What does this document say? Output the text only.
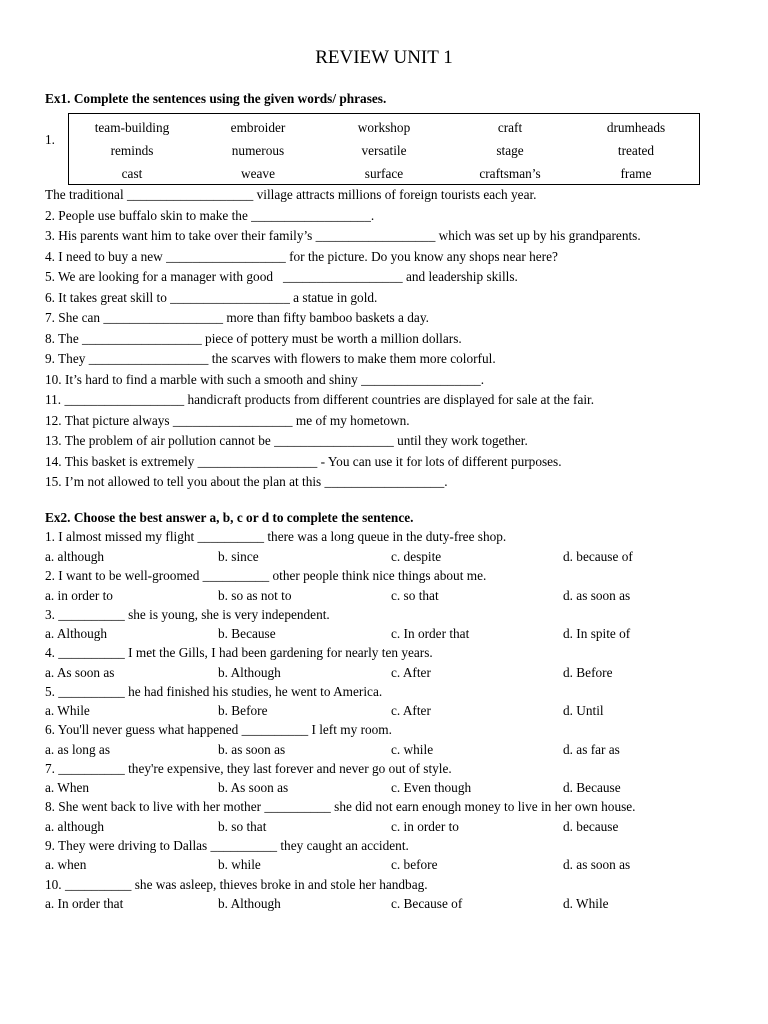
REVIEW UNIT 1
Ex1. Complete the sentences using the given words/ phrases.
1.
team-building	embroider	workshop	craft	drumheads
reminds	numerous	versatile	stage	treated
cast	weave	surface	craftsman’s	frame
The traditional ___________________ village attracts millions of foreign tourists each year.
2. People use buffalo skin to make the __________________.
3. His parents want him to take over their family’s __________________ which was set up by his grandparents.
4. I need to buy a new __________________ for the picture. Do you know any shops near here?
5. We are looking for a manager with good   __________________ and leadership skills.
6. It takes great skill to __________________ a statue in gold.
7. She can __________________ more than fifty bamboo baskets a day.
8. The __________________ piece of pottery must be worth a million dollars.
9. They __________________ the scarves with flowers to make them more colorful.
10. It’s hard to find a marble with such a smooth and shiny __________________.
11. __________________ handicraft products from different countries are displayed for sale at the fair.
12. That picture always __________________ me of my hometown.
13. The problem of air pollution cannot be __________________ until they work together.
14. This basket is extremely __________________ - You can use it for lots of different purposes.
15. I’m not allowed to tell you about the plan at this __________________.
Ex2. Choose the best answer a, b, c or d to complete the sentence.
1. I almost missed my flight __________ there was a long queue in the duty-free shop.
a. although	b. since	c. despite	d. because of
2. I want to be well-groomed __________ other people think nice things about me.
a. in order to	b. so as not to	c. so that	d. as soon as
3. __________ she is young, she is very independent.
a. Although	b. Because	c. In order that	d. In spite of
4. __________ I met the Gills, I had been gardening for nearly ten years.
a. As soon as	b. Although	c. After	d. Before
5. __________ he had finished his studies, he went to America.
a. While	b. Before	c. After	d. Until
6. You'll never guess what happened __________ I left my room.
a. as long as	b. as soon as	c. while	d. as far as
7. __________ they're expensive, they last forever and never go out of style.
a. When	b. As soon as	c. Even though	d. Because
8. She went back to live with her mother __________ she did not earn enough money to live in her own house.
a. although	b. so that	c. in order to	d. because
9. They were driving to Dallas __________ they caught an accident.
a. when	b. while	c. before	d. as soon as
10. __________ she was asleep, thieves broke in and stole her handbag.
a. In order that	b. Although	c. Because of	d. While
